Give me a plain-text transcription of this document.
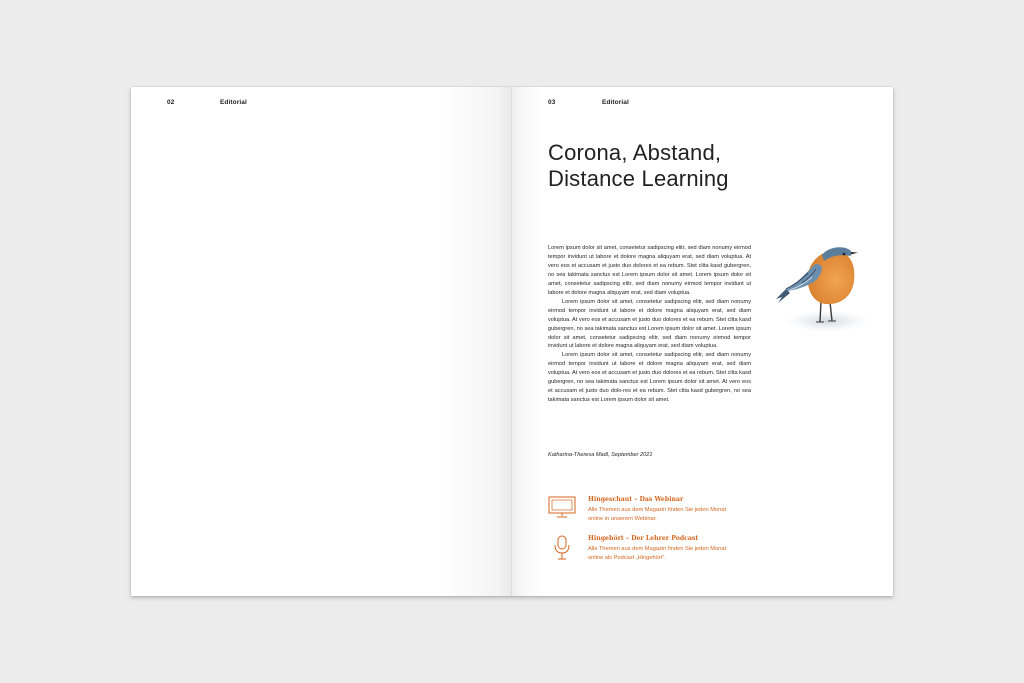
02	Editorial	03	Editorial
Corona, Abstand,
Distance Learning

Lorem ipsum dolor sit amet, consetetur sadipscing elitr, sed diam nonumy eirmod tempor invidunt ut labore et dolore magna aliquyam erat, sed diam voluptua. At vero eos et accusam et justo duo dolores et ea rebum. Stet clita kasd gubergren, no sea takimata sanctus est Lorem ipsum dolor sit amet. Lorem ipsum dolor sit amet, consetetur sadipscing elitr, sed diam nonumy eirmod tempor invidunt ut labore et dolore magna aliquyam erat, sed diam voluptua.

Lorem ipsum dolor sit amet, consetetur sadipscing elitr, sed diam nonumy eirmod tempor invidunt ut labore et dolore magna aliquyam erat, sed diam voluptua. At vero eos et accusam et justo duo dolores et ea rebum. Stet clita kasd gubergren, no sea takimata sanctus est Lorem ipsum dolor sit amet. Lorem ipsum dolor sit amet, consetetur sadipscing elitr, sed diam nonumy eirmod tempor invidunt ut labore et dolore magna aliquyam erat, sed diam voluptua.

Lorem ipsum dolor sit amet, consetetur sadipscing elitr, sed diam nonumy eirmod tempor invidunt ut labore et dolore magna aliquyam erat, sed diam voluptua. At vero eos et accusam et justo duo dolores et ea rebum. Stet clita kasd gubergren, no sea takimata sanctus est Lorem ipsum dolor sit amet. At vero eos et accusam et justo duo dolo-res et ea rebum. Stet clita kasd gubergren, no sea takimata sanctus est Lorem ipsum dolor sit amet.

Katharina-Theresa Madl, September 2021
Hingeschaut – Das Webinar
Alle Themen aus dem Magazin finden Sie jeden Monat online in unserem Webinar.
Hingehört – Der Lehrer Podcast
Alle Themen aus dem Magazin finden Sie jeden Monat online als Podcast „Hingehört“.
